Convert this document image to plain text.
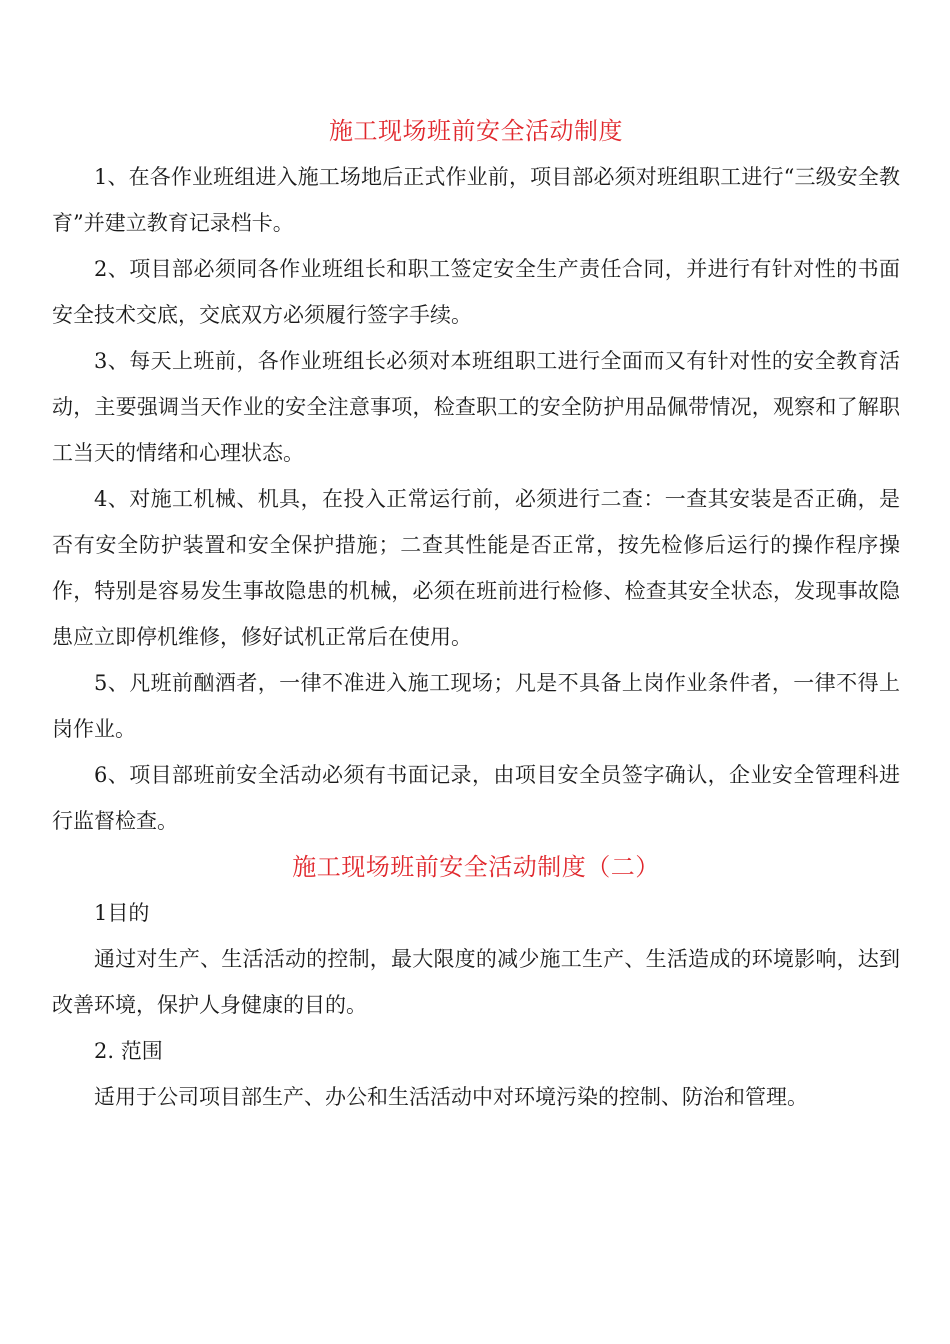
施工现场班前安全活动制度

1、在各作业班组进入施工场地后正式作业前，项目部必须对班组职工进行“三级安全教育”并建立教育记录档卡。

2、项目部必须同各作业班组长和职工签定安全生产责任合同，并进行有针对性的书面安全技术交底，交底双方必须履行签字手续。

3、每天上班前，各作业班组长必须对本班组职工进行全面而又有针对性的安全教育活动，主要强调当天作业的安全注意事项，检查职工的安全防护用品佩带情况，观察和了解职工当天的情绪和心理状态。

4、对施工机械、机具，在投入正常运行前，必须进行二查：一查其安装是否正确，是否有安全防护装置和安全保护措施；二查其性能是否正常，按先检修后运行的操作程序操作，特别是容易发生事故隐患的机械，必须在班前进行检修、检查其安全状态，发现事故隐患应立即停机维修，修好试机正常后在使用。

5、凡班前酗酒者，一律不准进入施工现场；凡是不具备上岗作业条件者，一律不得上岗作业。

6、项目部班前安全活动必须有书面记录，由项目安全员签字确认，企业安全管理科进行监督检查。

施工现场班前安全活动制度（二）

1目的

通过对生产、生活活动的控制，最大限度的减少施工生产、生活造成的环境影响，达到改善环境，保护人身健康的目的。

2. 范围

适用于公司项目部生产、办公和生活活动中对环境污染的控制、防治和管理。
